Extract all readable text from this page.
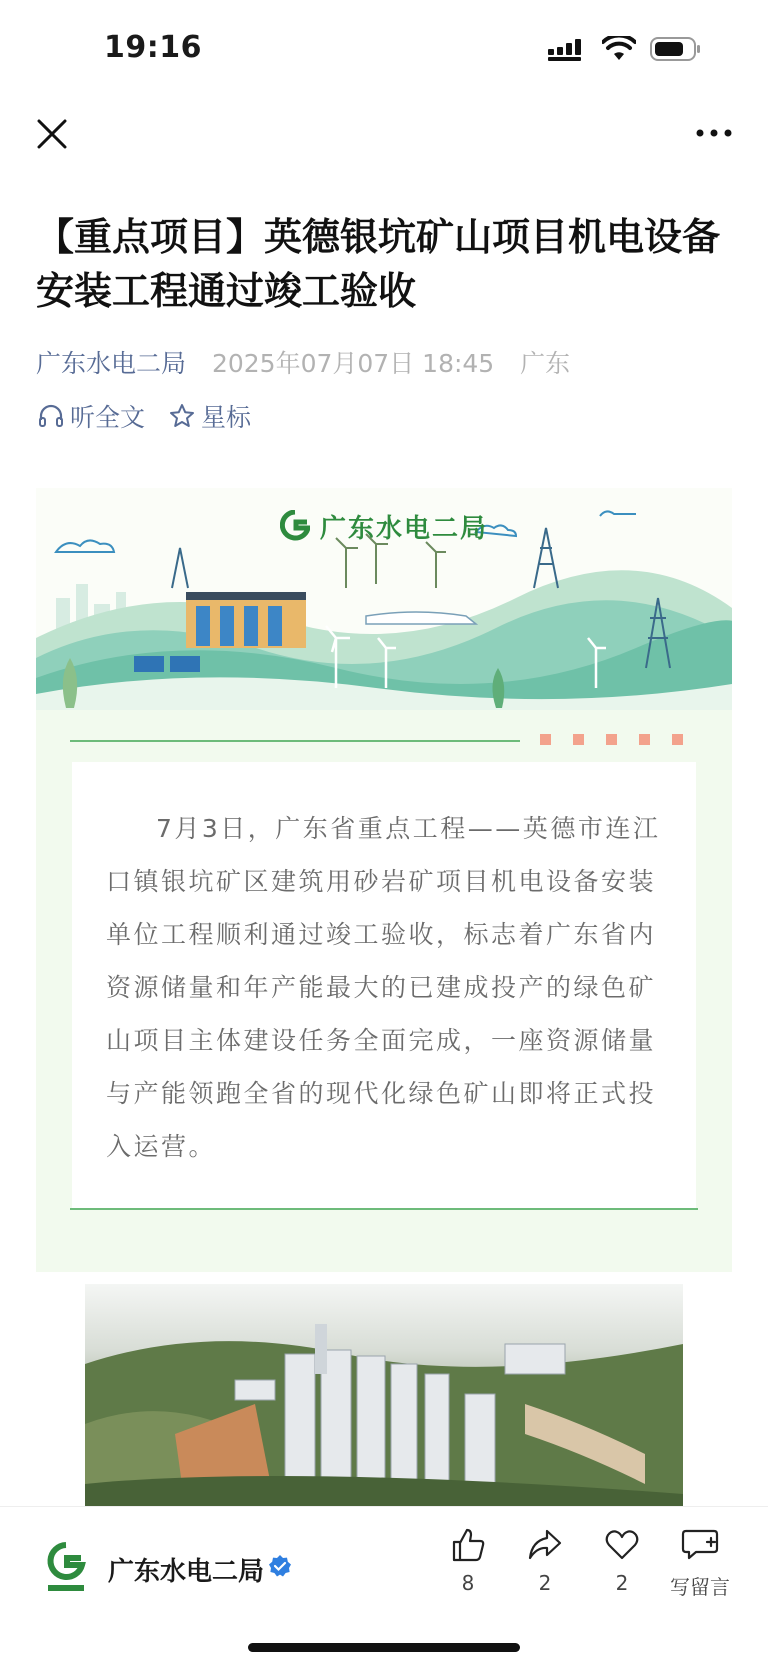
19:16
【重点项目】英德银坑矿山项目机电设备安装工程通过竣工验收
广东水电二局 2025年07月07日 18:45 广东
听全文 星标
广东水电二局

7月3日，广东省重点工程——英德市连江口镇银坑矿区建筑用砂岩矿项目机电设备安装单位工程顺利通过竣工验收，标志着广东省内资源储量和年产能最大的已建成投产的绿色矿山项目主体建设任务全面完成，一座资源储量与产能领跑全省的现代化绿色矿山即将正式投入运营。

广东水电二局	8	2	2	写留言
